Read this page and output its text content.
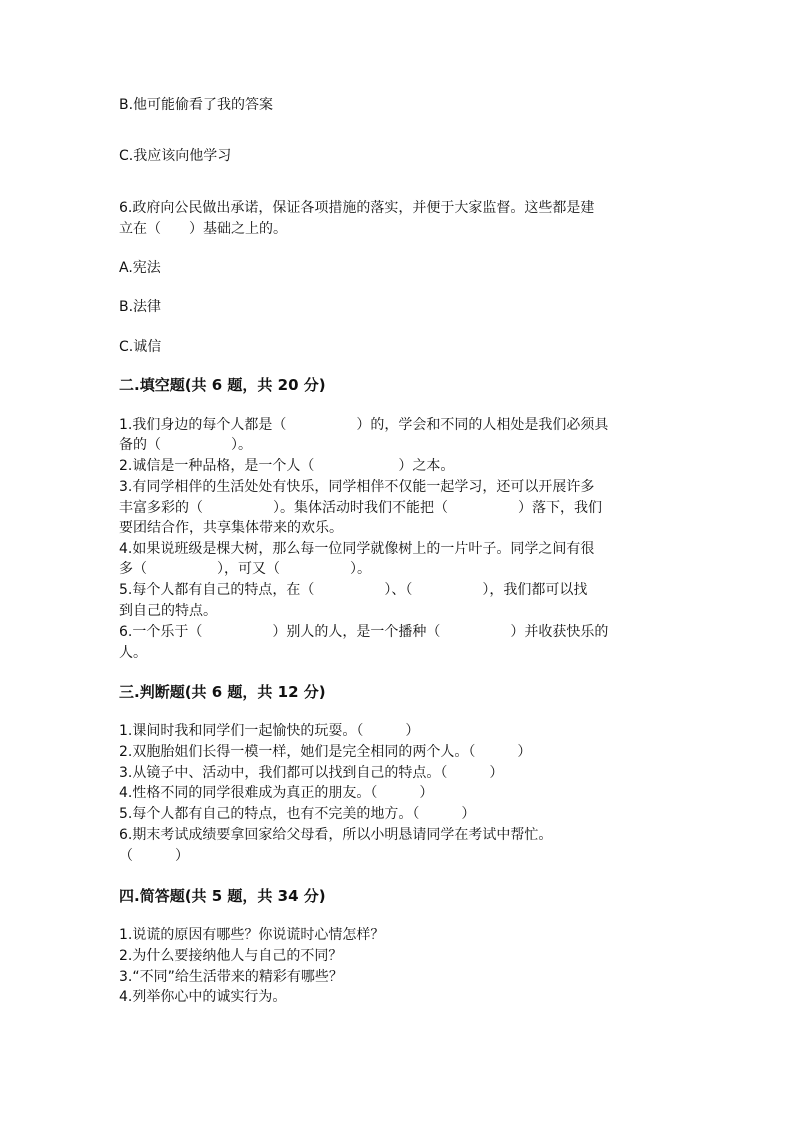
B.他可能偷看了我的答案
C.我应该向他学习
6.政府向公民做出承诺，保证各项措施的落实，并便于大家监督。这些都是建
立在（　　）基础之上的。
A.宪法
B.法律
C.诚信
二.填空题(共 6 题，共 20 分)
1.我们身边的每个人都是（　　　　　）的，学会和不同的人相处是我们必须具
备的（　　　　　）。
2.诚信是一种品格，是一个人（　　　　　　）之本。
3.有同学相伴的生活处处有快乐，同学相伴不仅能一起学习，还可以开展许多
丰富多彩的（　　　　　）。集体活动时我们不能把（　　　　　）落下，我们
要团结合作，共享集体带来的欢乐。
4.如果说班级是棵大树，那么每一位同学就像树上的一片叶子。同学之间有很
多（　　　　　），可又（　　　　　）。
5.每个人都有自己的特点，在（　　　　　）、（　　　　　），我们都可以找
到自己的特点。
6.一个乐于（　　　　　）别人的人，是一个播种（　　　　　）并收获快乐的
人。
三.判断题(共 6 题，共 12 分)
1.课间时我和同学们一起愉快的玩耍。（　　　）
2.双胞胎姐们长得一模一样，她们是完全相同的两个人。（　　　）
3.从镜子中、活动中，我们都可以找到自己的特点。（　　　）
4.性格不同的同学很难成为真正的朋友。（　　　）
5.每个人都有自己的特点，也有不完美的地方。（　　　）
6.期末考试成绩要拿回家给父母看，所以小明恳请同学在考试中帮忙。
（　　　）
四.简答题(共 5 题，共 34 分)
1.说谎的原因有哪些？你说谎时心情怎样？
2.为什么要接纳他人与自己的不同？
3.“不同”给生活带来的精彩有哪些？
4.列举你心中的诚实行为。
